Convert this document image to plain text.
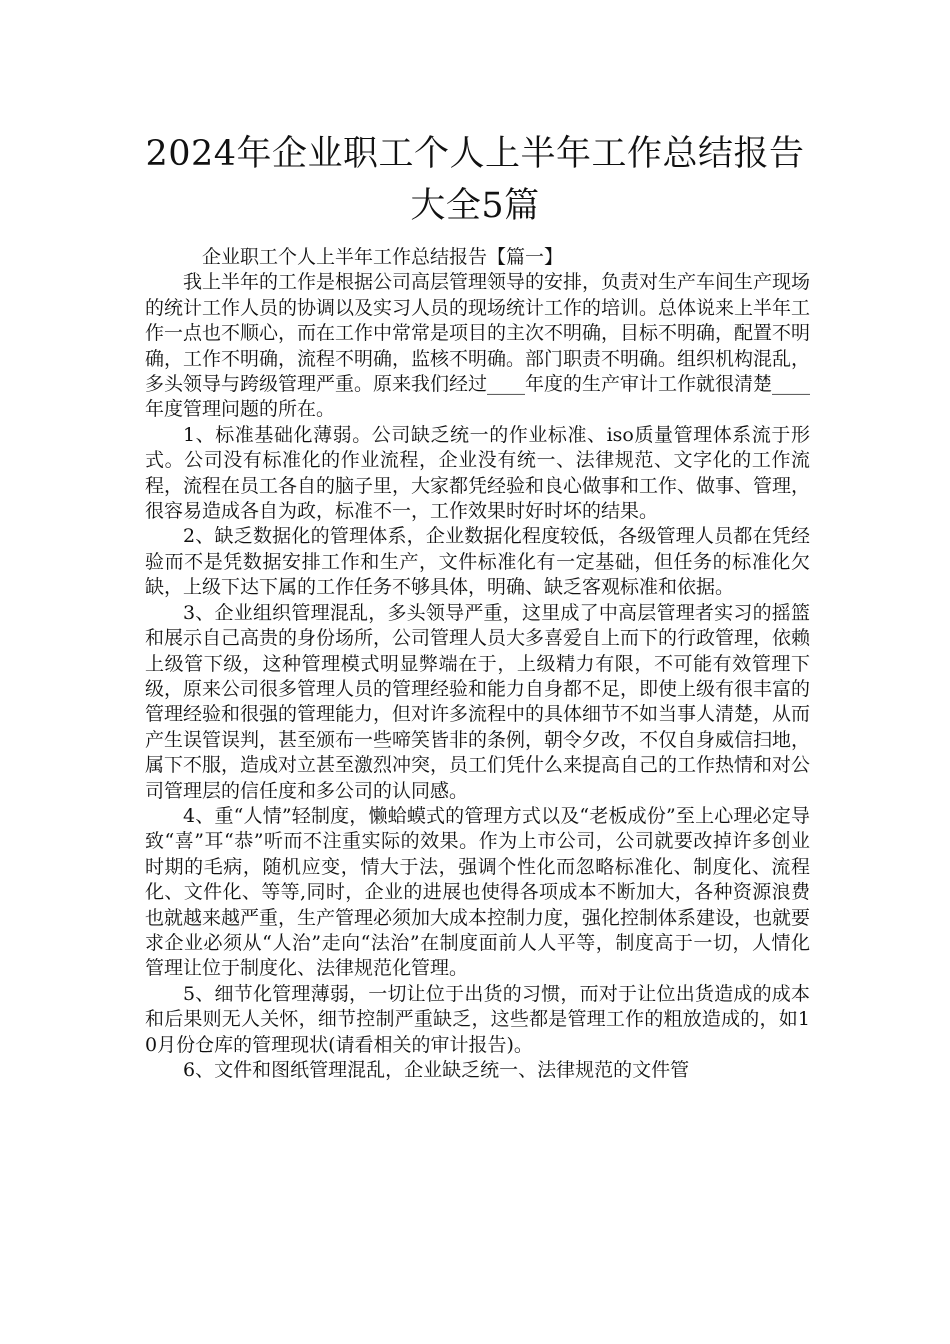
2024年企业职工个人上半年工作总结报告
大全5篇

企业职工个人上半年工作总结报告【篇一】

我上半年的工作是根据公司高层管理领导的安排，负责对生产车间生产现场的统计工作人员的协调以及实习人员的现场统计工作的培训。总体说来上半年工作一点也不顺心，而在工作中常常是项目的主次不明确，目标不明确，配置不明确，工作不明确，流程不明确，监核不明确。部门职责不明确。组织机构混乱，多头领导与跨级管理严重。原来我们经过____年度的生产审计工作就很清楚____年度管理问题的所在。

1、标准基础化薄弱。公司缺乏统一的作业标准、iso质量管理体系流于形式。公司没有标准化的作业流程，企业没有统一、法律规范、文字化的工作流程，流程在员工各自的脑子里，大家都凭经验和良心做事和工作、做事、管理，很容易造成各自为政，标准不一，工作效果时好时坏的结果。

2、缺乏数据化的管理体系，企业数据化程度较低，各级管理人员都在凭经验而不是凭数据安排工作和生产，文件标准化有一定基础，但任务的标准化欠缺，上级下达下属的工作任务不够具体，明确、缺乏客观标准和依据。

3、企业组织管理混乱，多头领导严重，这里成了中高层管理者实习的摇篮和展示自己高贵的身份场所，公司管理人员大多喜爱自上而下的行政管理，依赖上级管下级，这种管理模式明显弊端在于，上级精力有限，不可能有效管理下级，原来公司很多管理人员的管理经验和能力自身都不足，即使上级有很丰富的管理经验和很强的管理能力，但对许多流程中的具体细节不如当事人清楚，从而产生误管误判，甚至颁布一些啼笑皆非的条例，朝令夕改，不仅自身威信扫地，属下不服，造成对立甚至激烈冲突，员工们凭什么来提高自己的工作热情和对公司管理层的信任度和多公司的认同感。

4、重“人情”轻制度，懒蛤蟆式的管理方式以及“老板成份”至上心理必定导致“喜”耳“恭”听而不注重实际的效果。作为上市公司，公司就要改掉许多创业时期的毛病，随机应变，情大于法，强调个性化而忽略标准化、制度化、流程化、文件化、等等,同时，企业的进展也使得各项成本不断加大，各种资源浪费也就越来越严重，生产管理必须加大成本控制力度，强化控制体系建设，也就要求企业必须从“人治”走向“法治”在制度面前人人平等，制度高于一切，人情化管理让位于制度化、法律规范化管理。

5、细节化管理薄弱，一切让位于出货的习惯，而对于让位出货造成的成本和后果则无人关怀，细节控制严重缺乏，这些都是管理工作的粗放造成的，如10月份仓库的管理现状(请看相关的审计报告)。

6、文件和图纸管理混乱，企业缺乏统一、法律规范的文件管
